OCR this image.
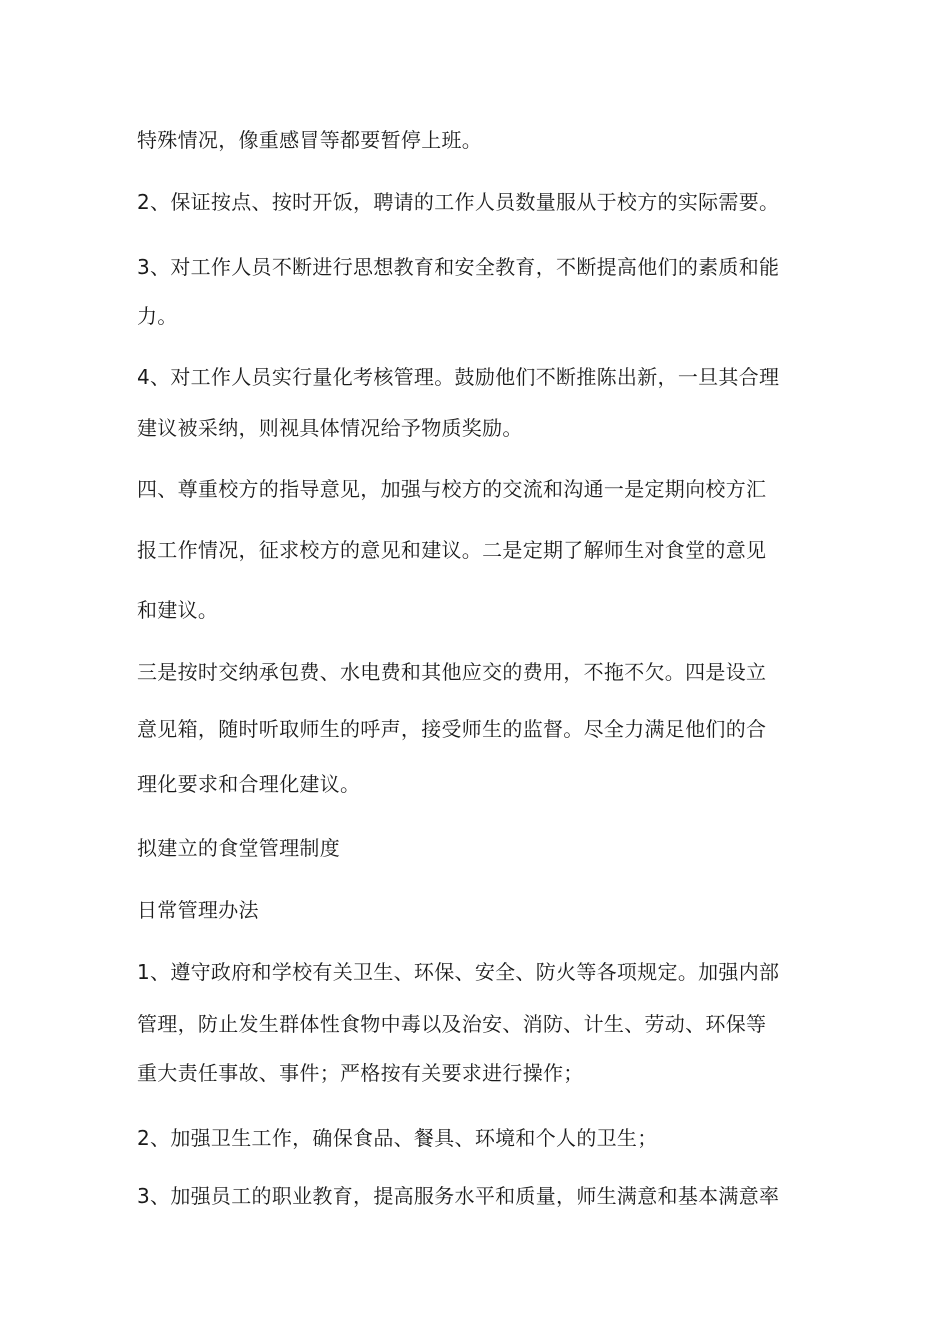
特殊情况，像重感冒等都要暂停上班。

2、保证按点、按时开饭，聘请的工作人员数量服从于校方的实际需要。

3、对工作人员不断进行思想教育和安全教育，不断提高他们的素质和能

力。

4、对工作人员实行量化考核管理。鼓励他们不断推陈出新，一旦其合理

建议被采纳，则视具体情况给予物质奖励。

四、尊重校方的指导意见，加强与校方的交流和沟通一是定期向校方汇

报工作情况，征求校方的意见和建议。二是定期了解师生对食堂的意见

和建议。

三是按时交纳承包费、水电费和其他应交的费用，不拖不欠。四是设立

意见箱，随时听取师生的呼声，接受师生的监督。尽全力满足他们的合

理化要求和合理化建议。

拟建立的食堂管理制度

日常管理办法

1、遵守政府和学校有关卫生、环保、安全、防火等各项规定。加强内部

管理，防止发生群体性食物中毒以及治安、消防、计生、劳动、环保等

重大责任事故、事件；严格按有关要求进行操作；

2、加强卫生工作，确保食品、餐具、环境和个人的卫生；

3、加强员工的职业教育，提高服务水平和质量，师生满意和基本满意率
